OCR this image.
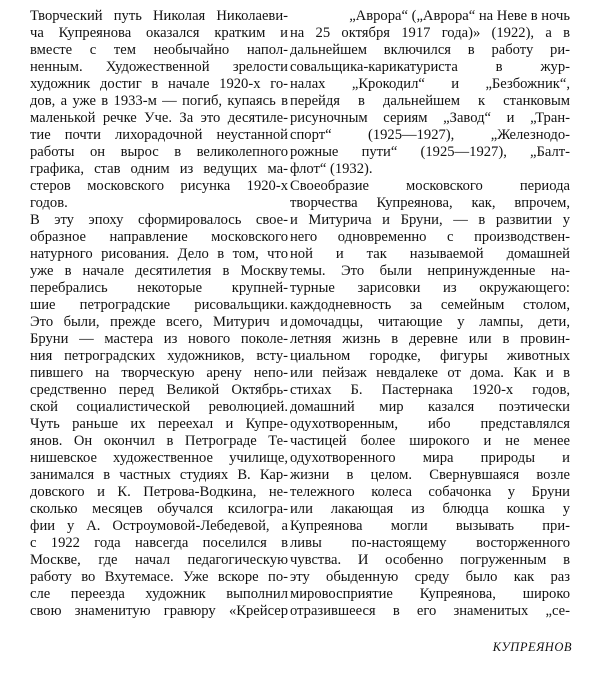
Творческий путь Николая Николаеви-
ча Купреянова оказался кратким и
вместе с тем необычайно напол-
ненным. Художественной зрелости
художник достиг в начале 1920-х го-
дов, а уже в 1933-м — погиб, купаясь в
маленькой речке Уче. За это десятиле-
тие почти лихорадочной неустанной
работы он вырос в великолепного
графика, став одним из ведущих ма-
стеров московского рисунка 1920-х
годов.
В эту эпоху сформировалось свое-
образное направление московского
натурного рисования. Дело в том, что
уже в начале десятилетия в Москву
перебрались некоторые крупней-
шие петроградские рисовальщики.
Это были, прежде всего, Митурич и
Бруни — мастера из нового поколе-
ния петроградских художников, всту-
пившего на творческую арену непо-
средственно перед Великой Октябрь-
ской социалистической революцией.
Чуть раньше их переехал и Купре-
янов. Он окончил в Петрограде Те-
нишевское художественное училище,
занимался в частных студиях В. Кар-
довского и К. Петрова-Водкина, не-
сколько месяцев обучался ксилогра-
фии у А. Остроумовой-Лебедевой, а
с 1922 года навсегда поселился в
Москве, где начал педагогическую
работу во Вхутемасе. Уже вскоре по-
сле переезда художник выполнил
свою знаменитую гравюру «Крейсер
„Аврора“ („Аврора“ на Неве в ночь
на 25 октября 1917 года)» (1922), а в
дальнейшем включился в работу ри-
совальщика-карикатуриста в жур-
налах „Крокодил“ и „Безбожник“,
перейдя в дальнейшем к станковым
рисуночным сериям „Завод“ и „Тран-
спорт“ (1925—1927), „Железнодо-
рожные пути“ (1925—1927), „Балт-
флот“ (1932).
Своеобразие московского периода
творчества Купреянова, как, впрочем,
и Митурича и Бруни, — в развитии у
него одновременно с производствен-
ной и так называемой домашней
темы. Это были непринужденные на-
турные зарисовки из окружающего:
каждодневность за семейным столом,
домочадцы, читающие у лампы, дети,
летняя жизнь в деревне или в провин-
циальном городке, фигуры животных
или пейзаж невдалеке от дома. Как и в
стихах Б. Пастернака 1920-х годов,
домашний мир казался поэтически
одухотворенным, ибо представлялся
частицей более широкого и не менее
одухотворенного мира природы и
жизни в целом. Свернувшаяся возле
тележного колеса собачонка у Бруни
или лакающая из блюдца кошка у
Купреянова могли вызывать при-
ливы по-настоящему восторженного
чувства. И особенно погруженным в
эту обыденную среду было как раз
мировосприятие Купреянова, широко
отразившееся в его знаменитых „се-
КУПРЕЯНОВ
